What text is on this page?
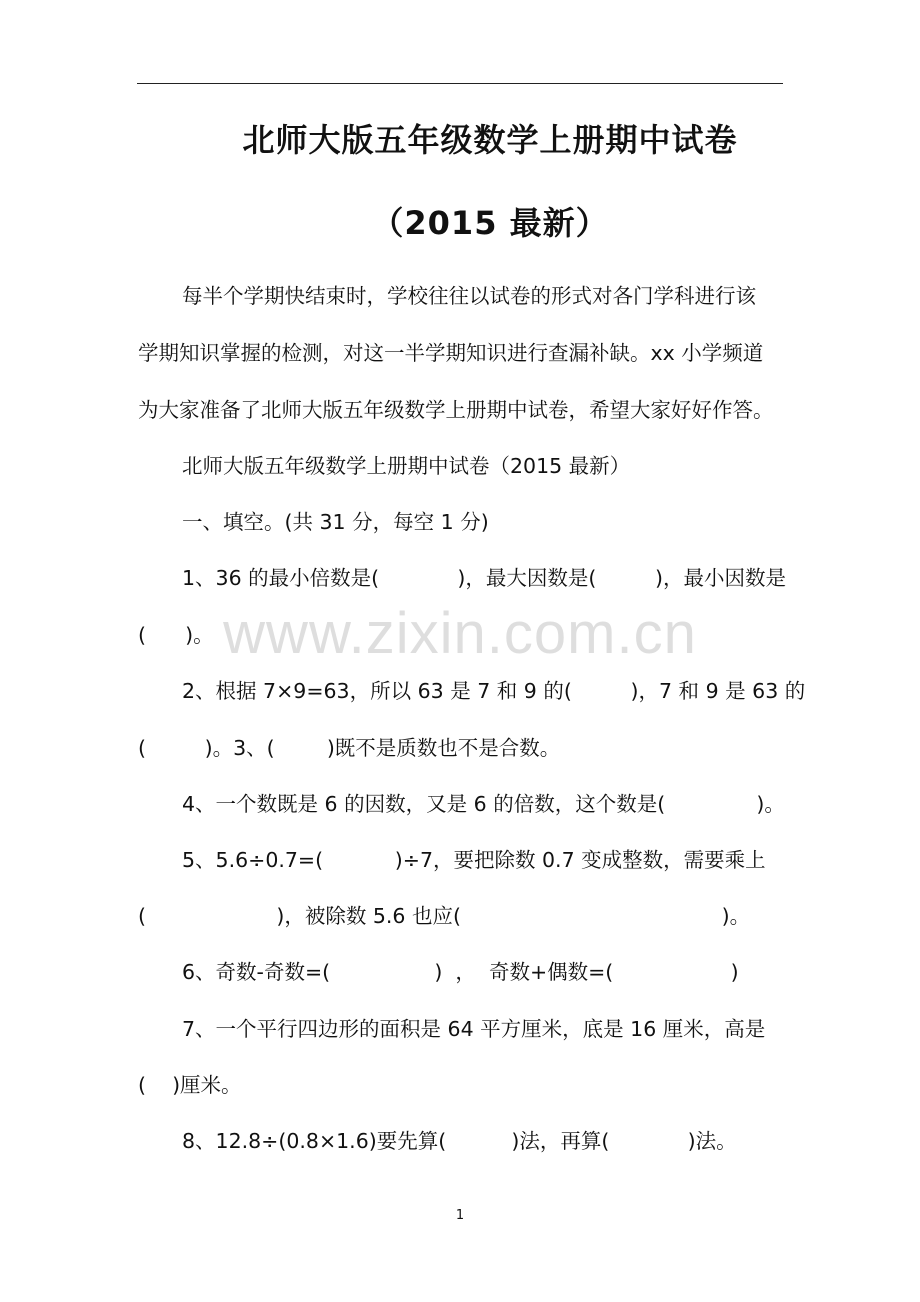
北师大版五年级数学上册期中试卷
（2015 最新）
每半个学期快结束时，学校往往以试卷的形式对各门学科进行该
学期知识掌握的检测，对这一半学期知识进行查漏补缺。xx 小学频道
为大家准备了北师大版五年级数学上册期中试卷，希望大家好好作答。
北师大版五年级数学上册期中试卷（2015 最新）
一、填空。(共 31 分，每空 1 分)
1、36 的最小倍数是(            )，最大因数是(         )，最小因数是
(      )。
2、根据 7×9=63，所以 63 是 7 和 9 的(         )，7 和 9 是 63 的
(         )。3、(        )既不是质数也不是合数。
4、一个数既是 6 的因数，又是 6 的倍数，这个数是(              )。
5、5.6÷0.7=(           )÷7，要把除数 0.7 变成整数，需要乘上
(                    )，被除数 5.6 也应(                                        )。
6、奇数-奇数=(                )  ，  奇数+偶数=(                  )
7、一个平行四边形的面积是 64 平方厘米，底是 16 厘米，高是
(    )厘米。
8、12.8÷(0.8×1.6)要先算(          )法，再算(            )法。
www.zixin.com.cn
1
